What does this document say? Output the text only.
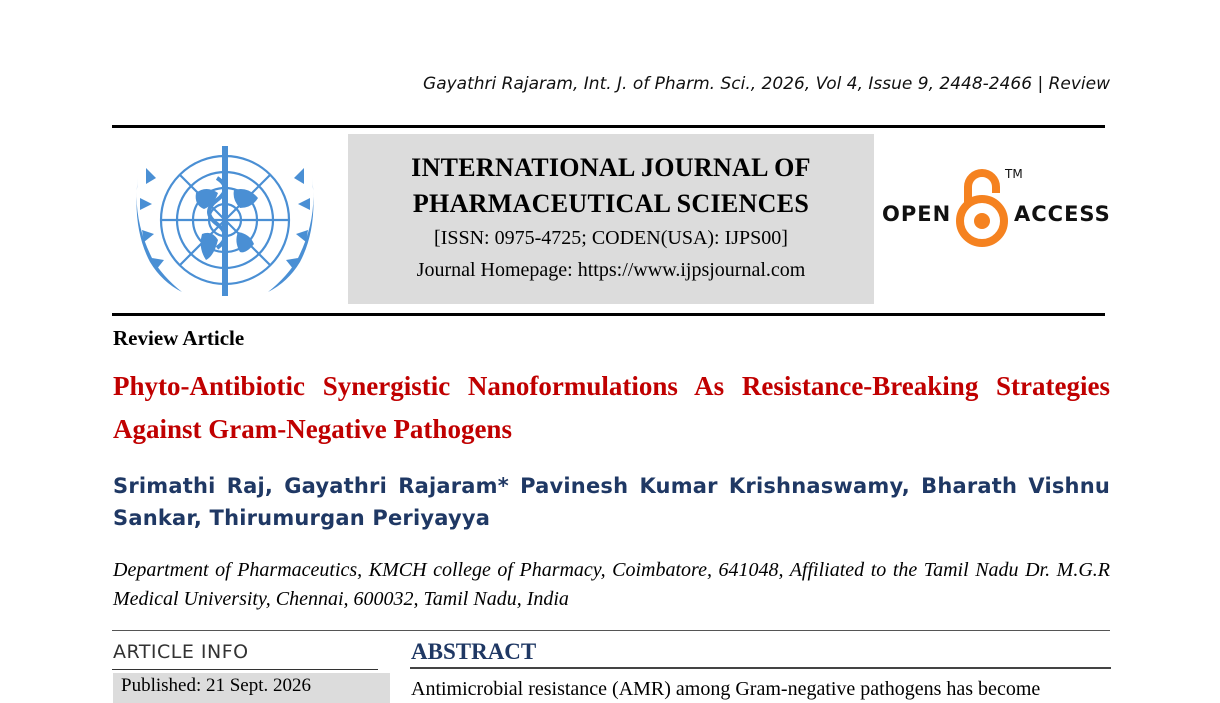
Gayathri Rajaram, Int. J. of Pharm. Sci., 2026, Vol 4, Issue 9, 2448-2466 | Review
INTERNATIONAL JOURNAL OF
PHARMACEUTICAL SCIENCES
[ISSN: 0975-4725; CODEN(USA): IJPS00]
Journal Homepage: https://www.ijpsjournal.com
OPEN
TM
ACCESS
Review Article
Phyto-Antibiotic Synergistic Nanoformulations As Resistance-Breaking Strategies Against Gram-Negative Pathogens
Srimathi Raj, Gayathri Rajaram* Pavinesh Kumar Krishnaswamy, Bharath Vishnu Sankar, Thirumurgan Periyayya
Department of Pharmaceutics, KMCH college of Pharmacy, Coimbatore, 641048, Affiliated to the Tamil Nadu Dr. M.G.R Medical University, Chennai, 600032, Tamil Nadu, India
ARTICLE INFO
Published: 21 Sept. 2026
ABSTRACT
Antimicrobial resistance (AMR) among Gram-negative pathogens has become
